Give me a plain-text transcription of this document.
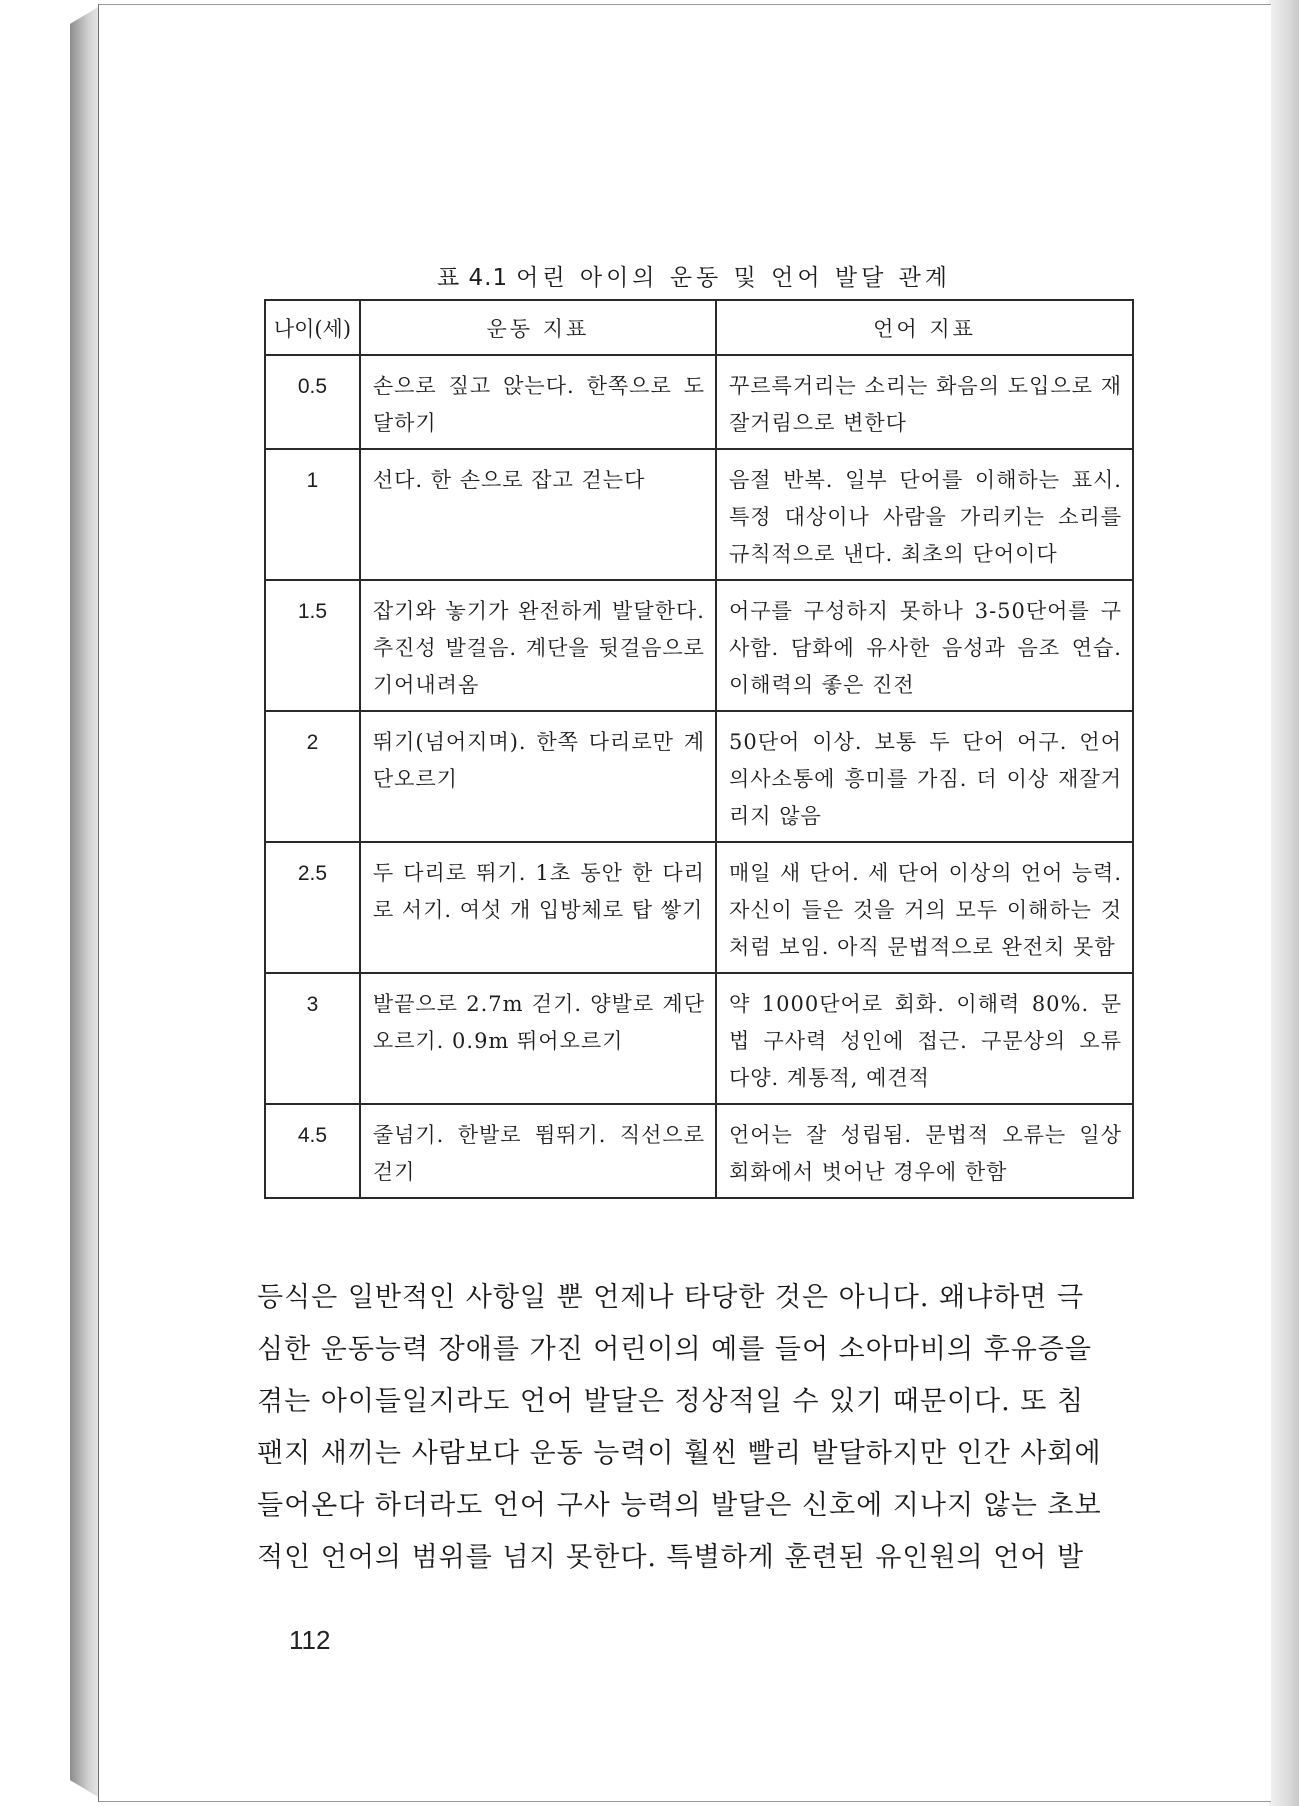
표 4.1 어린 아이의 운동 및 언어 발달 관계
나이(세)	운동 지표	언어 지표
0.5	손으로 짚고 앉는다. 한쪽으로 도달하기	꾸르륵거리는 소리는 화음의 도입으로 재잘거림으로 변한다
1	선다. 한 손으로 잡고 걷는다	음절 반복. 일부 단어를 이해하는 표시. 특정 대상이나 사람을 가리키는 소리를 규칙적으로 낸다. 최초의 단어이다
1.5	잡기와 놓기가 완전하게 발달한다. 추진성 발걸음. 계단을 뒷걸음으로 기어내려옴	어구를 구성하지 못하나 3-50단어를 구사함. 담화에 유사한 음성과 음조 연습. 이해력의 좋은 진전
2	뛰기(넘어지며). 한쪽 다리로만 계단오르기	50단어 이상. 보통 두 단어 어구. 언어 의사소통에 흥미를 가짐. 더 이상 재잘거리지 않음
2.5	두 다리로 뛰기. 1초 동안 한 다리로 서기. 여섯 개 입방체로 탑 쌓기	매일 새 단어. 세 단어 이상의 언어 능력. 자신이 들은 것을 거의 모두 이해하는 것처럼 보임. 아직 문법적으로 완전치 못함
3	발끝으로 2.7m 걷기. 양발로 계단오르기. 0.9m 뛰어오르기	약 1000단어로 회화. 이해력 80%. 문법 구사력 성인에 접근. 구문상의 오류 다양. 계통적, 예견적
4.5	줄넘기. 한발로 뜀뛰기. 직선으로 걷기	언어는 잘 성립됨. 문법적 오류는 일상 회화에서 벗어난 경우에 한함
등식은 일반적인 사항일 뿐 언제나 타당한 것은 아니다. 왜냐하면 극
심한 운동능력 장애를 가진 어린이의 예를 들어 소아마비의 후유증을
겪는 아이들일지라도 언어 발달은 정상적일 수 있기 때문이다. 또 침
팬지 새끼는 사람보다 운동 능력이 훨씬 빨리 발달하지만 인간 사회에
들어온다 하더라도 언어 구사 능력의 발달은 신호에 지나지 않는 초보
적인 언어의 범위를 넘지 못한다. 특별하게 훈련된 유인원의 언어 발
112
